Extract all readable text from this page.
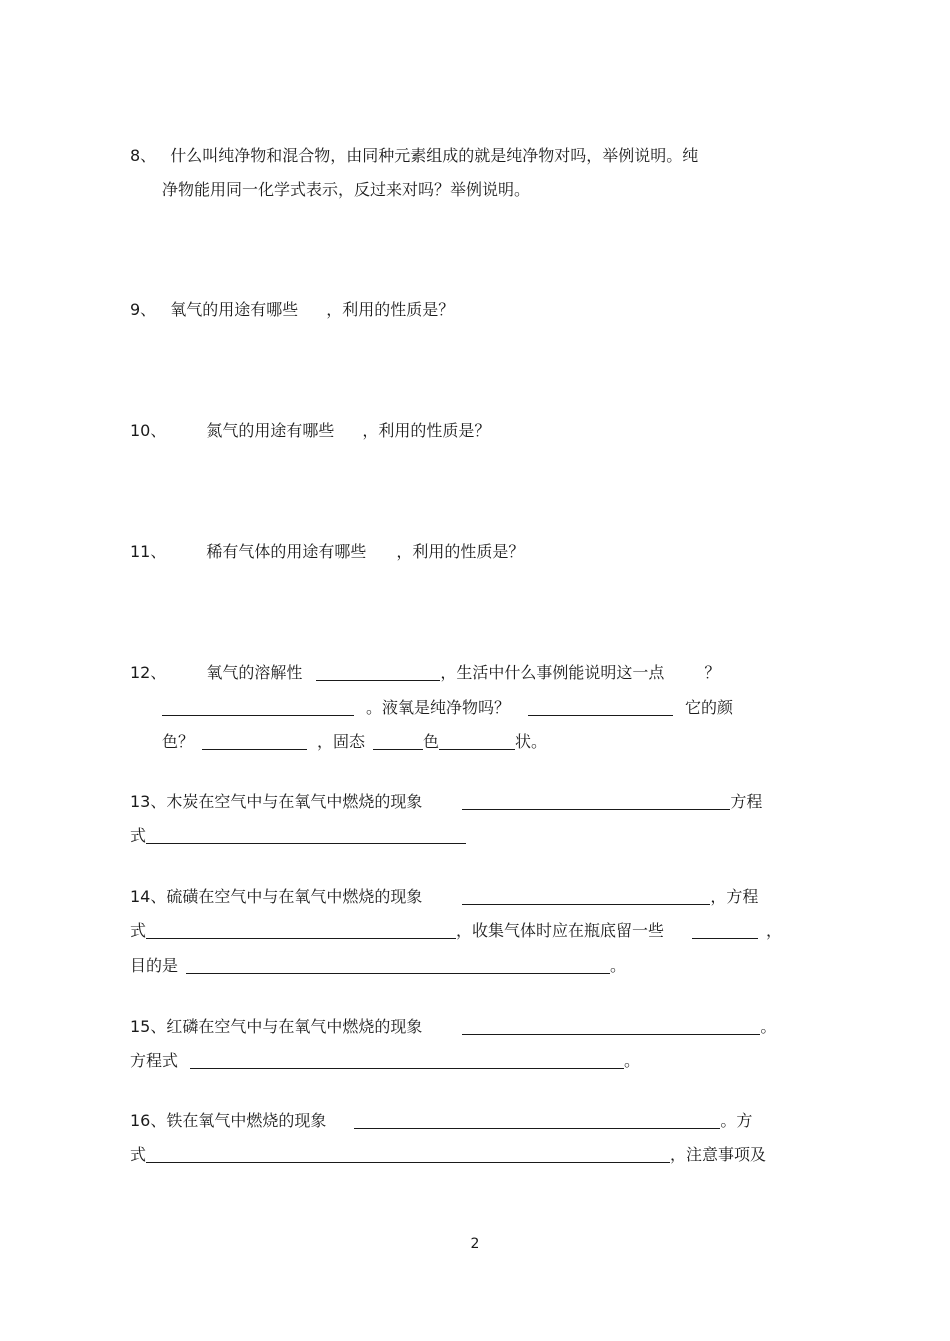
8、 什么叫纯净物和混合物，由同种元素组成的就是纯净物对吗，举例说明。纯
净物能用同一化学式表示，反过来对吗？举例说明。
9、 氧气的用途有哪些 ，利用的性质是？
10、	氮气的用途有哪些 ，利用的性质是？
11、	稀有气体的用途有哪些 ，利用的性质是？
12、	氧气的溶解性	，生活中什么事例能说明这一点	？
。液氧是纯净物吗？	它的颜
色？	，固态	色	状。
13、木炭在空气中与在氧气中燃烧的现象	方程
式
14、硫磺在空气中与在氧气中燃烧的现象	，方程
式	，收集气体时应在瓶底留一些	，
目的是	。
15、红磷在空气中与在氧气中燃烧的现象	。
方程式	。
16、铁在氧气中燃烧的现象	。方
式	，注意事项及
2
